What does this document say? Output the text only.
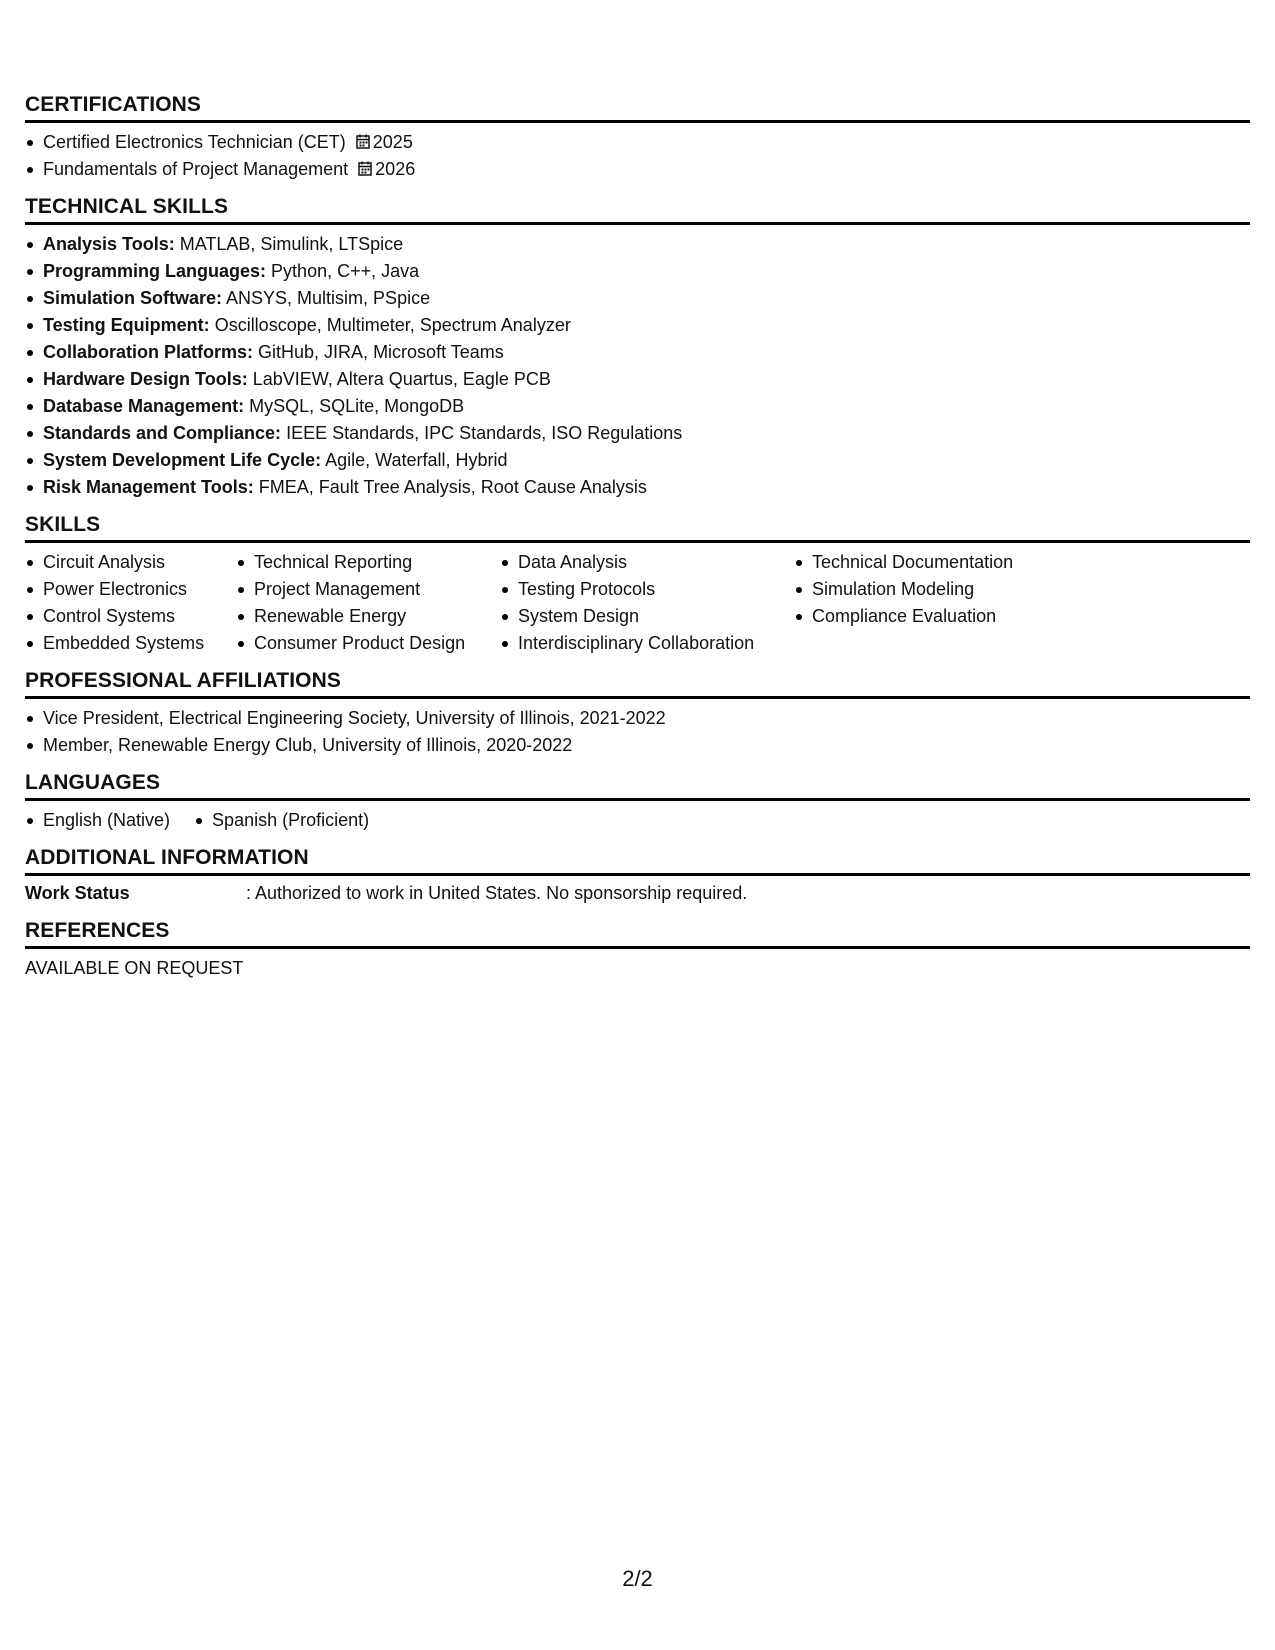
CERTIFICATIONS
Certified Electronics Technician (CET) 2025
Fundamentals of Project Management 2026
TECHNICAL SKILLS
Analysis Tools: MATLAB, Simulink, LTSpice
Programming Languages: Python, C++, Java
Simulation Software: ANSYS, Multisim, PSpice
Testing Equipment: Oscilloscope, Multimeter, Spectrum Analyzer
Collaboration Platforms: GitHub, JIRA, Microsoft Teams
Hardware Design Tools: LabVIEW, Altera Quartus, Eagle PCB
Database Management: MySQL, SQLite, MongoDB
Standards and Compliance: IEEE Standards, IPC Standards, ISO Regulations
System Development Life Cycle: Agile, Waterfall, Hybrid
Risk Management Tools: FMEA, Fault Tree Analysis, Root Cause Analysis
SKILLS
Circuit Analysis
Power Electronics
Control Systems
Embedded Systems
Technical Reporting
Project Management
Renewable Energy
Consumer Product Design
Data Analysis
Testing Protocols
System Design
Interdisciplinary Collaboration
Technical Documentation
Simulation Modeling
Compliance Evaluation
PROFESSIONAL AFFILIATIONS
Vice President, Electrical Engineering Society, University of Illinois, 2021-2022
Member, Renewable Energy Club, University of Illinois, 2020-2022
LANGUAGES
English (Native)	Spanish (Proficient)
ADDITIONAL INFORMATION
Work Status	: Authorized to work in United States. No sponsorship required.
REFERENCES
AVAILABLE ON REQUEST
2/2
